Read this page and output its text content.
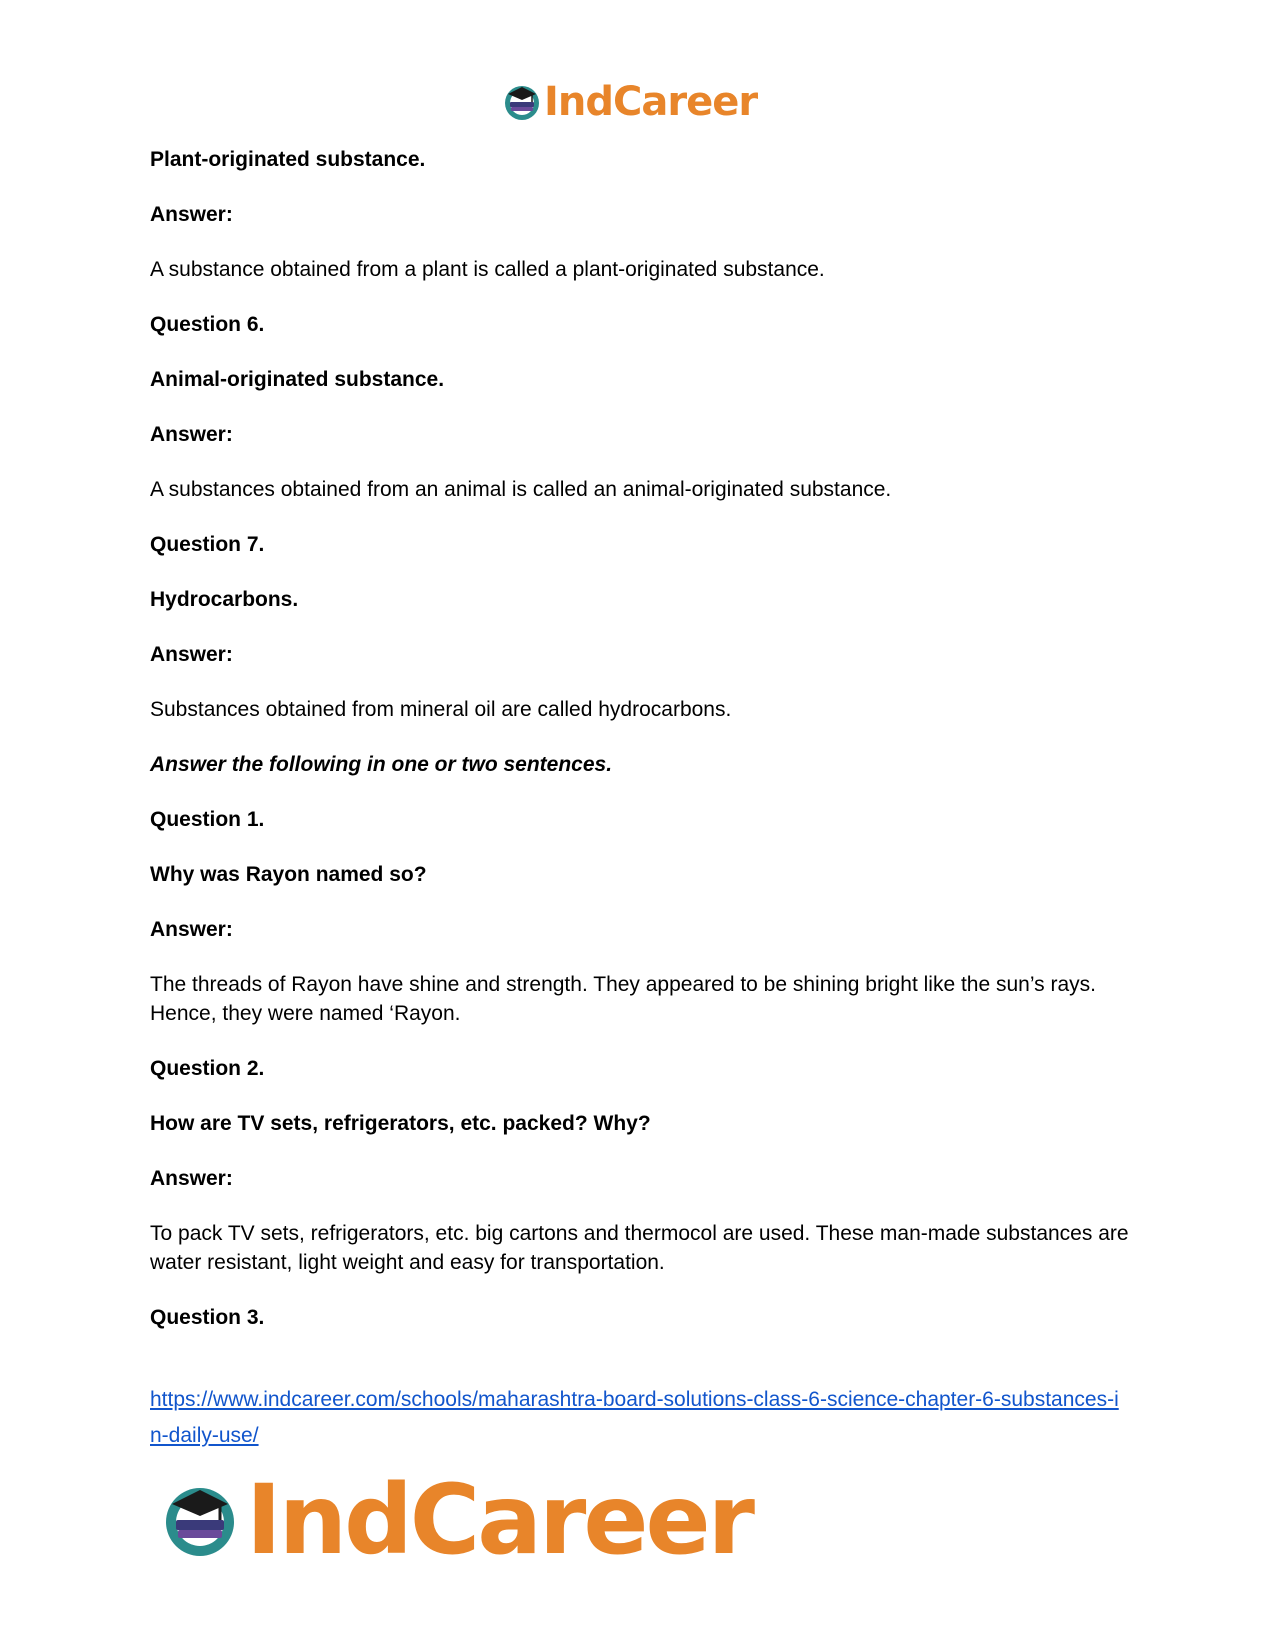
IndCareer

Plant-originated substance.

Answer:

A substance obtained from a plant is called a plant-originated substance.

Question 6.

Animal-originated substance.

Answer:

A substances obtained from an animal is called an animal-originated substance.

Question 7.

Hydrocarbons.

Answer:

Substances obtained from mineral oil are called hydrocarbons.

Answer the following in one or two sentences.

Question 1.

Why was Rayon named so?

Answer:

The threads of Rayon have shine and strength. They appeared to be shining bright like the sun’s rays. Hence, they were named ‘Rayon.

Question 2.

How are TV sets, refrigerators, etc. packed? Why?

Answer:

To pack TV sets, refrigerators, etc. big cartons and thermocol are used. These man-made substances are water resistant, light weight and easy for transportation.

Question 3.

https://www.indcareer.com/schools/maharashtra-board-solutions-class-6-science-chapter-6-substances-in-daily-use/
IndCareer
